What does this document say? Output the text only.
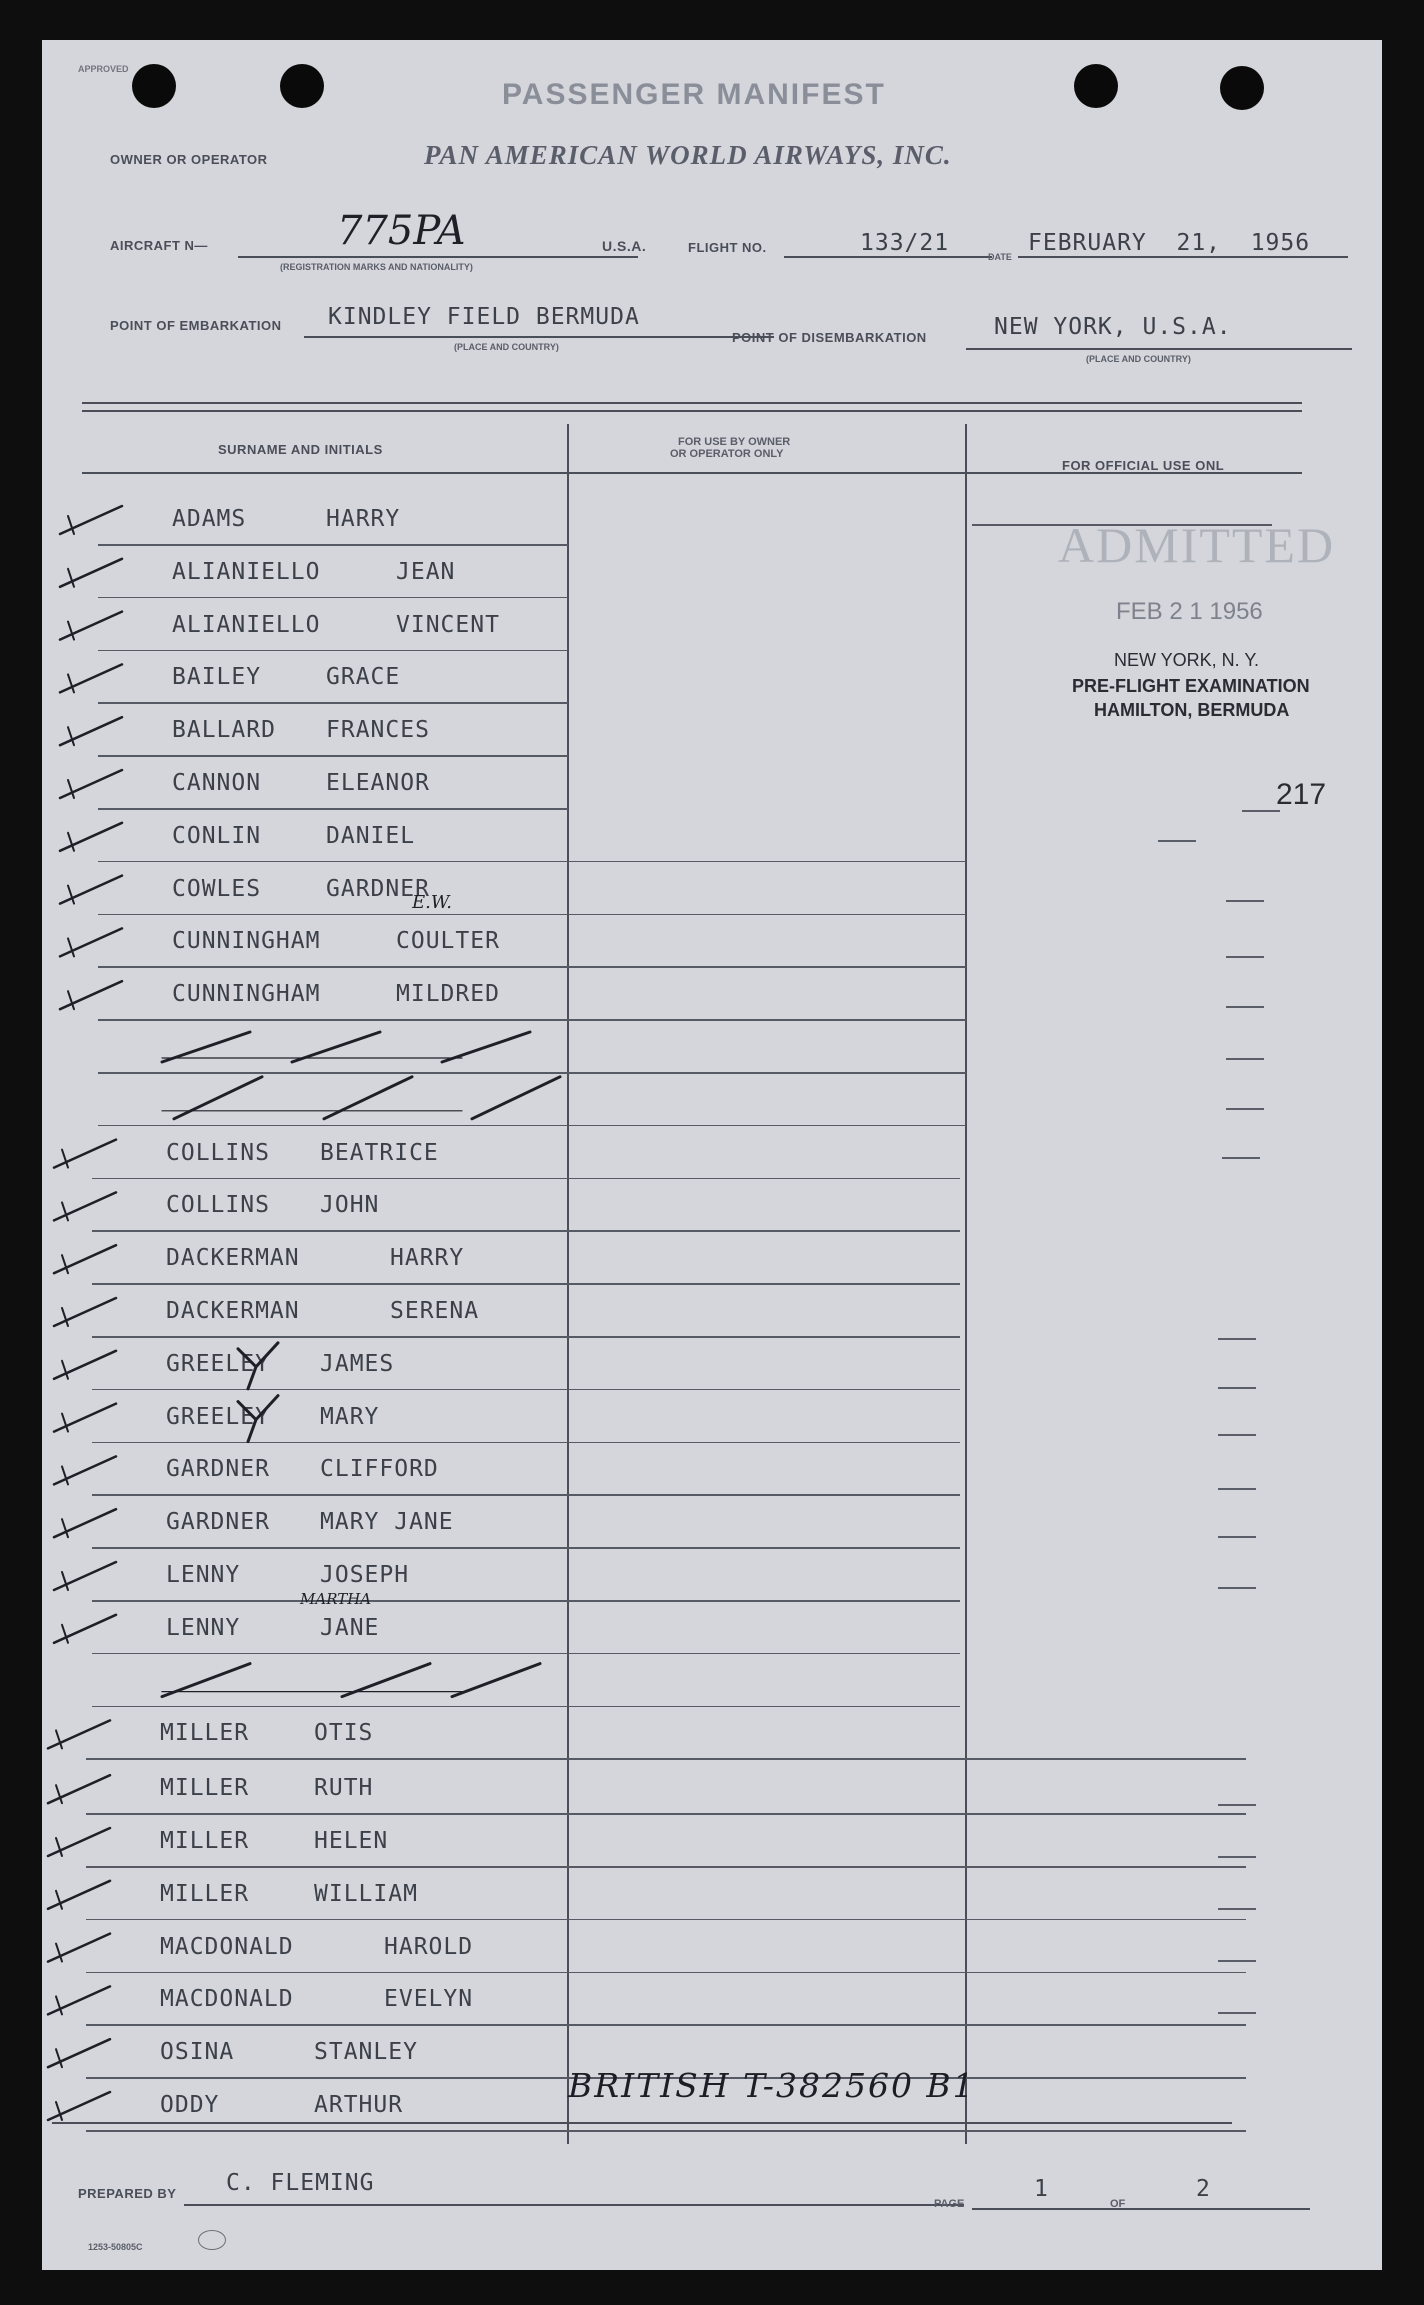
APPROVED
PASSENGER MANIFEST
OWNER OR OPERATOR	PAN AMERICAN WORLD AIRWAYS, INC.
AIRCRAFT N—	775PA
(REGISTRATION MARKS AND NATIONALITY)
U.S.A.	FLIGHT NO.	133/21
DATE
FEBRUARY  21,  1956
POINT OF EMBARKATION KINDLEY FIELD BERMUDA
(PLACE AND COUNTRY)
POINT OF DISEMBARKATION	NEW YORK, U.S.A.
(PLACE AND COUNTRY)
SURNAME AND INITIALS	FOR USE BY OWNER
OR OPERATOR ONLY
FOR OFFICIAL USE ONL
ADAMS	HARRY
ALIANIELLO	JEAN
ALIANIELLO	VINCENT
BAILEY	GRACE
BALLARD FRANCES
CANNON	ELEANOR
CONLIN	DANIEL
COWLES	GARDNER
CUNNINGHAM	COULTER
CUNNINGHAM	MILDRED
COLLINS BEATRICE
COLLINS JOHN
DACKERMAN	HARRY
DACKERMAN	SERENA
GREELEY JAMES
GREELEY MARY
GARDNER CLIFFORD
GARDNER MARY JANE
LENNY	JOSEPH
LENNY	JANE
MILLER	OTIS
MILLER	RUTH
MILLER	HELEN
MILLER	WILLIAM
MACDONALD	HAROLD
MACDONALD	EVELYN
OSINA	STANLEY
ODDY	ARTHUR
E.W.
MARTHA
BRITISH T-382560 B1
ADMITTED
FEB 2 1 1956
NEW YORK, N. Y.
PRE-FLIGHT EXAMINATION
HAMILTON, BERMUDA
217
PREPARED BY C. FLEMING
PAGE
1
OF
2
1253-50805C
